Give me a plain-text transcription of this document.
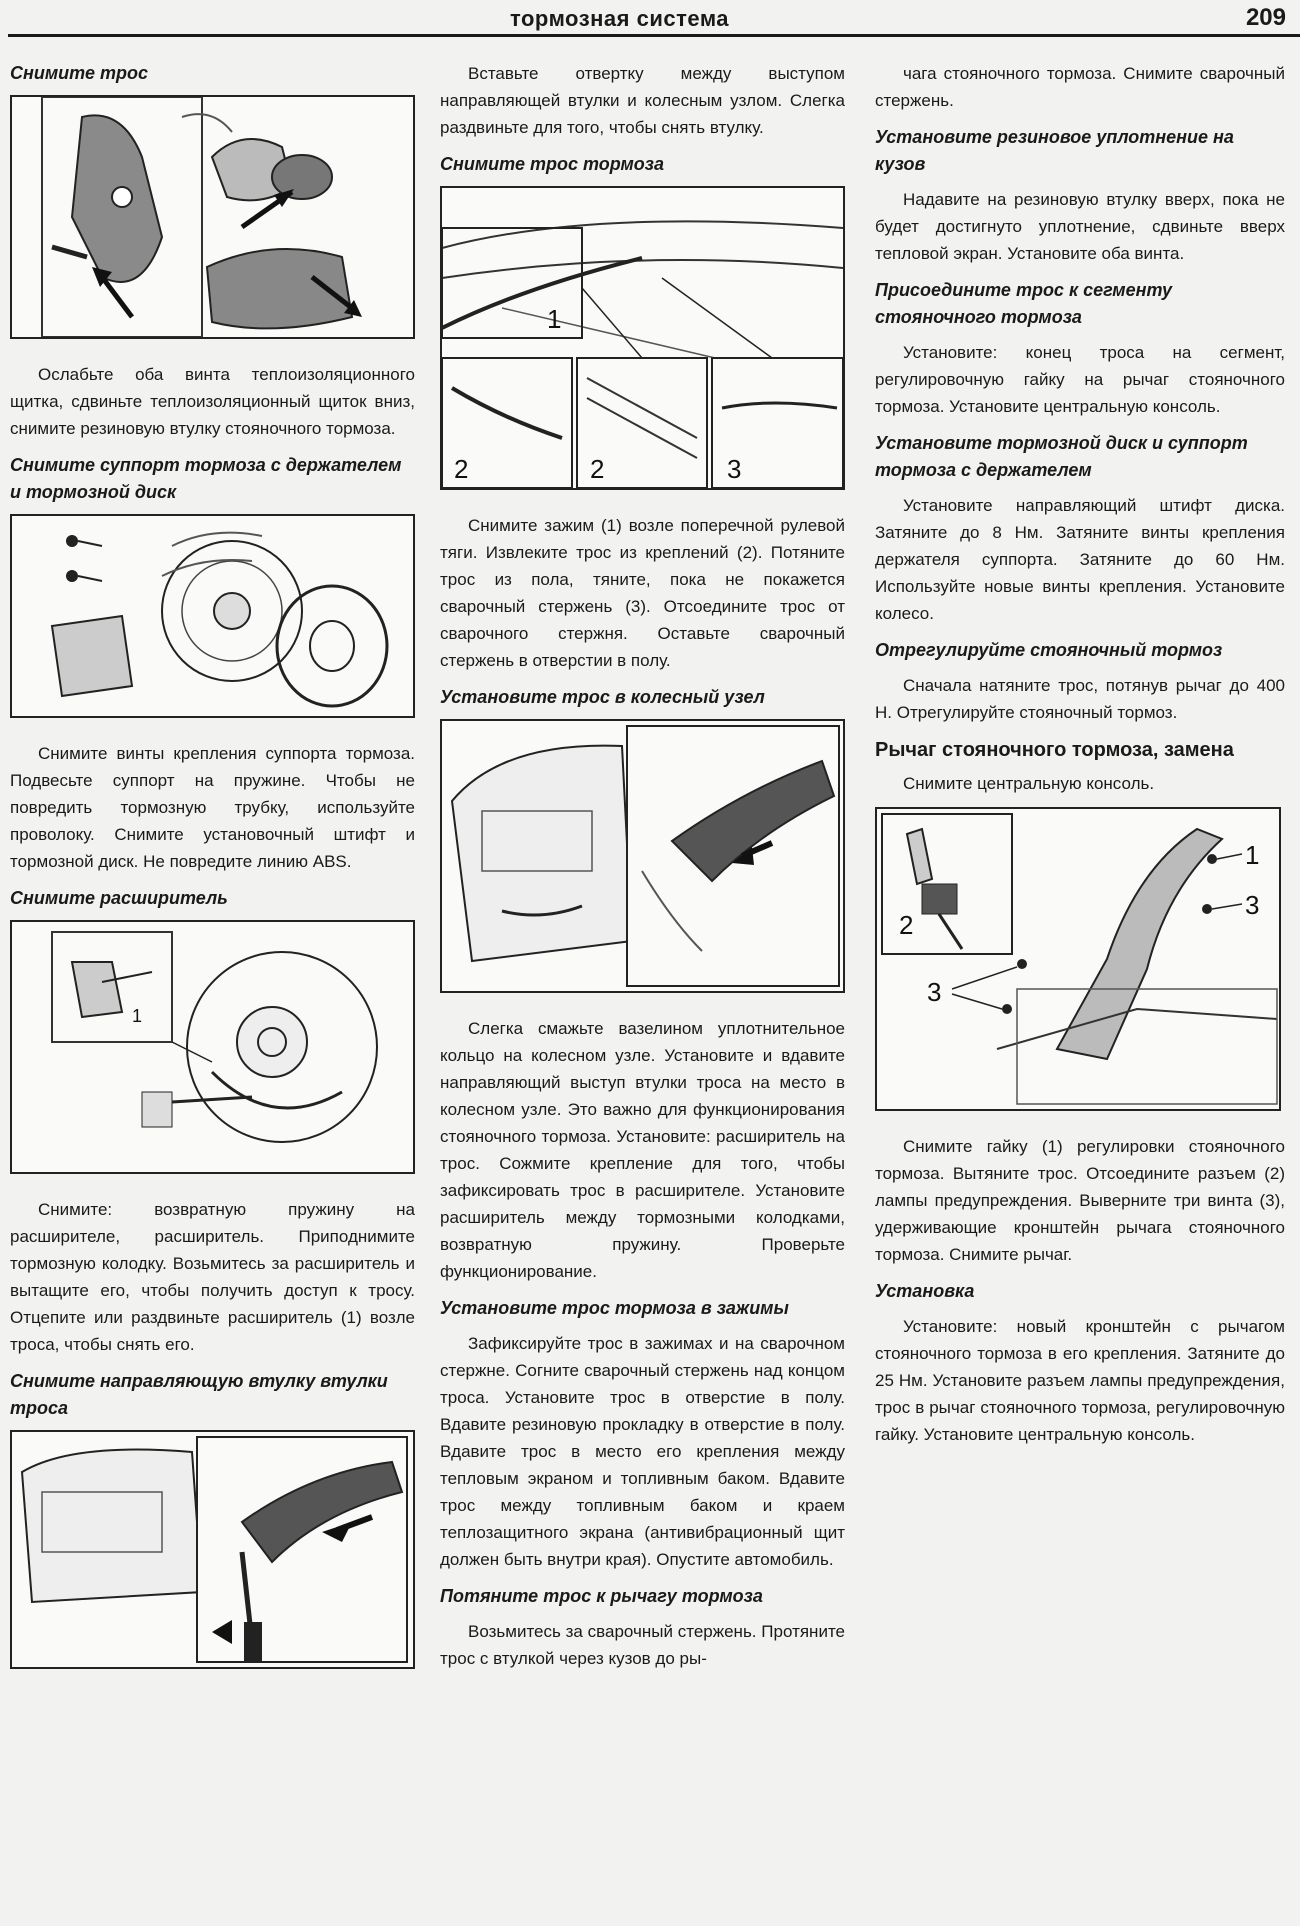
тормозная система	209
Снимите трос
Ослабьте оба винта теплоизоляционного щитка, сдвиньте теплоизоляционный щиток вниз, снимите резиновую втулку стояночного тормоза.
Снимите суппорт тормоза с держателем и тормозной диск
Снимите винты крепления суппорта тормоза. Подвесьте суппорт на пружине. Чтобы не повредить тормозную трубку, используйте проволоку. Снимите установочный штифт и тормозной диск. Не повредите линию ABS.
Снимите расширитель
1
Снимите: возвратную пружину на расширителе, расширитель. Приподнимите тормозную колодку. Возьмитесь за расширитель и вытащите его, чтобы получить доступ к тросу. Отцепите или раздвиньте расширитель (1) возле троса, чтобы снять его.
Снимите направляющую втулку втулки троса
Вставьте отвертку между выступом направляющей втулки и колесным узлом. Слегка раздвиньте для того, чтобы снять втулку.
Снимите трос тормоза
1
2	2	3
Снимите зажим (1) возле поперечной рулевой тяги. Извлеките трос из креплений (2). Потяните трос из пола, тяните, пока не покажется сварочный стержень (3). Отсоедините трос от сварочного стержня. Оставьте сварочный стержень в отверстии в полу.
Установите трос в колесный узел
Слегка смажьте вазелином уплотнительное кольцо на колесном узле. Установите и вдавите направляющий выступ втулки троса на место в колесном узле. Это важно для функционирования стояночного тормоза. Установите: расширитель на трос. Сожмите крепление для того, чтобы зафиксировать трос в расширителе. Установите расширитель между тормозными колодками, возвратную пружину. Проверьте функционирование.
Установите трос тормоза в зажимы
Зафиксируйте трос в зажимах и на сварочном стержне. Согните сварочный стержень над концом троса. Установите трос в отверстие в полу. Вдавите резиновую прокладку в отверстие в полу. Вдавите трос в место его крепления между тепловым экраном и топливным баком. Вдавите трос между топливным баком и краем теплозащитного экрана (антивибрационный щит должен быть внутри края). Опустите автомобиль.
Потяните трос к рычагу тормоза
Возьмитесь за сварочный стержень. Протяните трос с втулкой через кузов до ры-
чага стояночного тормоза. Снимите сварочный стержень.
Установите резиновое уплотнение на кузов
Надавите на резиновую втулку вверх, пока не будет достигнуто уплотнение, сдвиньте вверх тепловой экран. Установите оба винта.
Присоедините трос к сегменту стояночного тормоза
Установите: конец троса на сегмент, регулировочную гайку на рычаг стояночного тормоза. Установите центральную консоль.
Установите тормозной диск и суппорт тормоза с держателем
Установите направляющий штифт диска. Затяните до 8 Нм. Затяните винты крепления держателя суппорта. Затяните до 60 Нм. Используйте новые винты крепления. Установите колесо.
Отрегулируйте стояночный тормоз
Сначала натяните трос, потянув рычаг до 400 Н. Отрегулируйте стояночный тормоз.
Рычаг стояночного тормоза, замена
Снимите центральную консоль.
2
1
3
3
Снимите гайку (1) регулировки стояночного тормоза. Вытяните трос. Отсоедините разъем (2) лампы предупреждения. Выверните три винта (3), удерживающие кронштейн рычага стояночного тормоза. Снимите рычаг.
Установка
Установите: новый кронштейн с рычагом стояночного тормоза в его крепления. Затяните до 25 Нм. Установите разъем лампы предупреждения, трос в рычаг стояночного тормоза, регулировочную гайку. Установите центральную консоль.
